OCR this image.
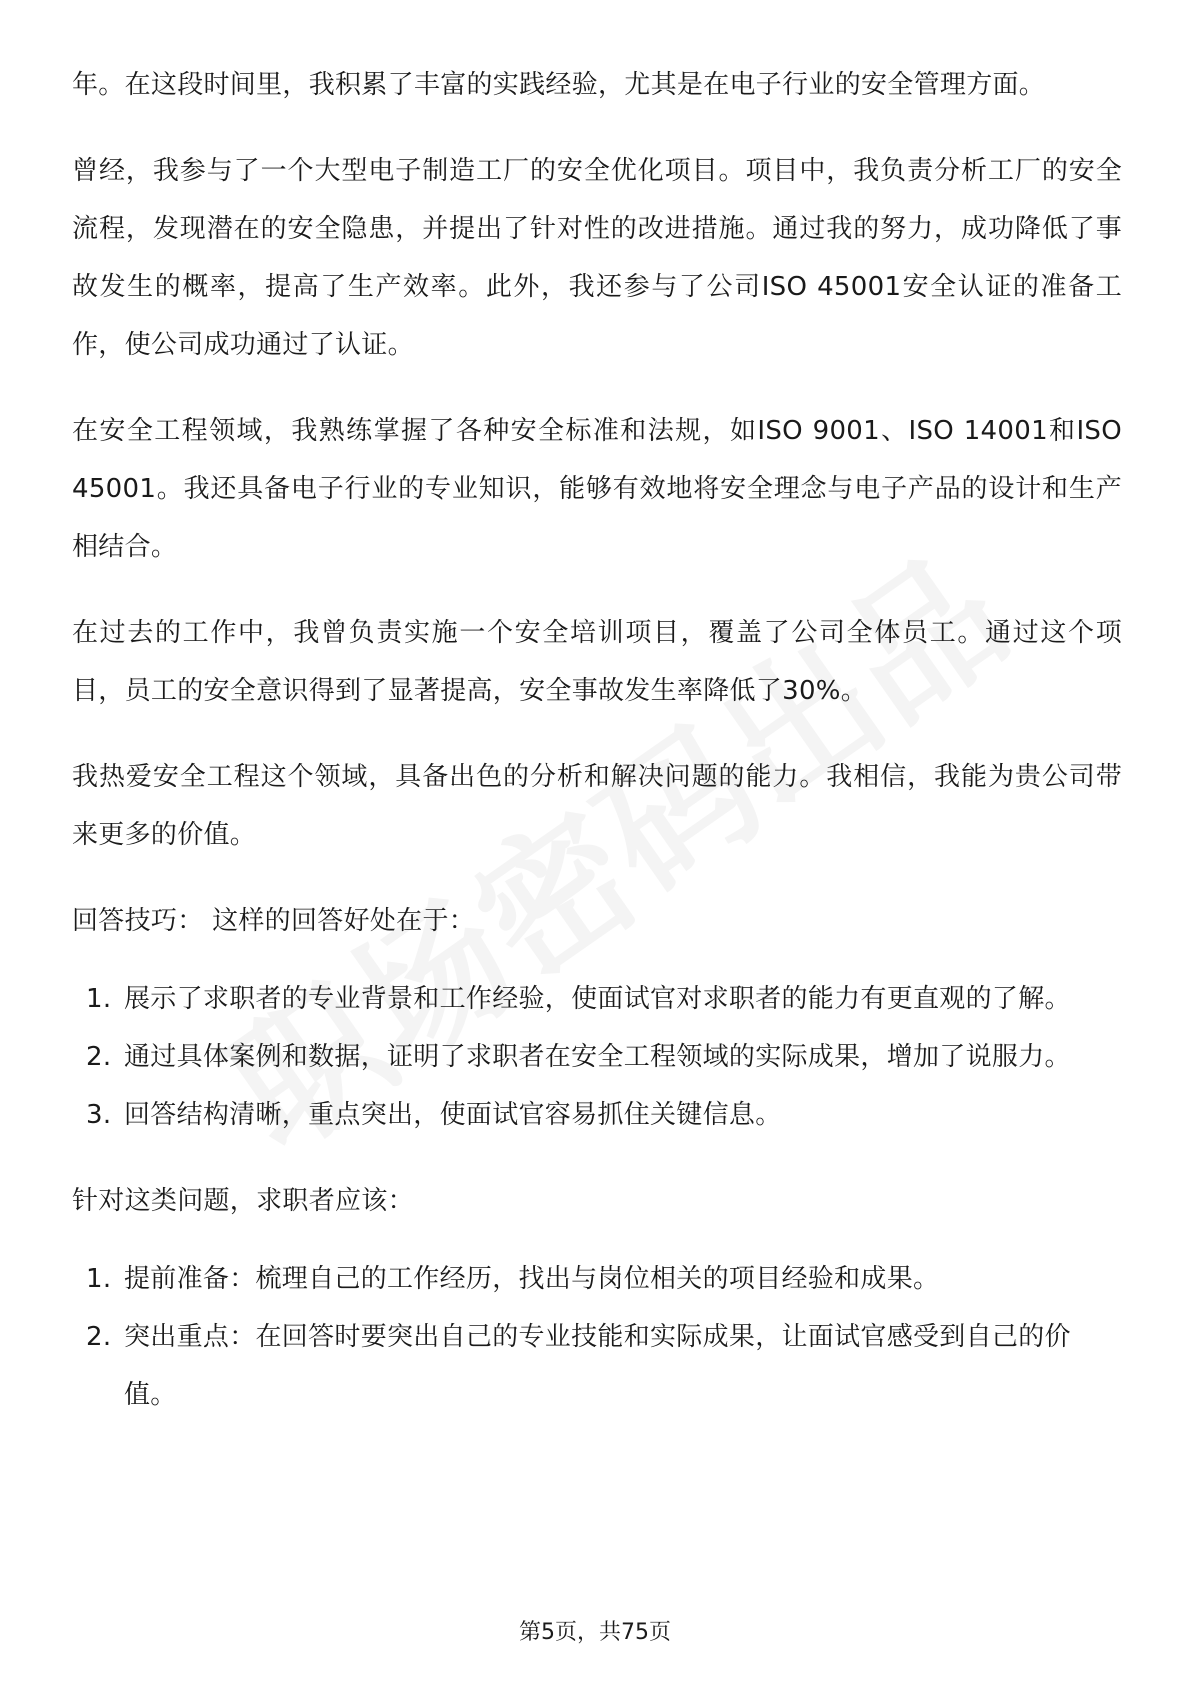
年。在这段时间里，我积累了丰富的实践经验，尤其是在电子行业的安全管理方面。

曾经，我参与了一个大型电子制造工厂的安全优化项目。项目中，我负责分析工厂的安全流程，发现潜在的安全隐患，并提出了针对性的改进措施。通过我的努力，成功降低了事故发生的概率，提高了生产效率。此外，我还参与了公司ISO 45001安全认证的准备工作，使公司成功通过了认证。

在安全工程领域，我熟练掌握了各种安全标准和法规，如ISO 9001、ISO 14001和ISO 45001。我还具备电子行业的专业知识，能够有效地将安全理念与电子产品的设计和生产相结合。

在过去的工作中，我曾负责实施一个安全培训项目，覆盖了公司全体员工。通过这个项目，员工的安全意识得到了显著提高，安全事故发生率降低了30%。

我热爱安全工程这个领域，具备出色的分析和解决问题的能力。我相信，我能为贵公司带来更多的价值。

回答技巧： 这样的回答好处在于：

1. 展示了求职者的专业背景和工作经验，使面试官对求职者的能力有更直观的了解。
2. 通过具体案例和数据，证明了求职者在安全工程领域的实际成果，增加了说服力。
3. 回答结构清晰，重点突出，使面试官容易抓住关键信息。

针对这类问题，求职者应该：

1. 提前准备：梳理自己的工作经历，找出与岗位相关的项目经验和成果。
2. 突出重点：在回答时要突出自己的专业技能和实际成果，让面试官感受到自己的价值。
第5页，共75页
